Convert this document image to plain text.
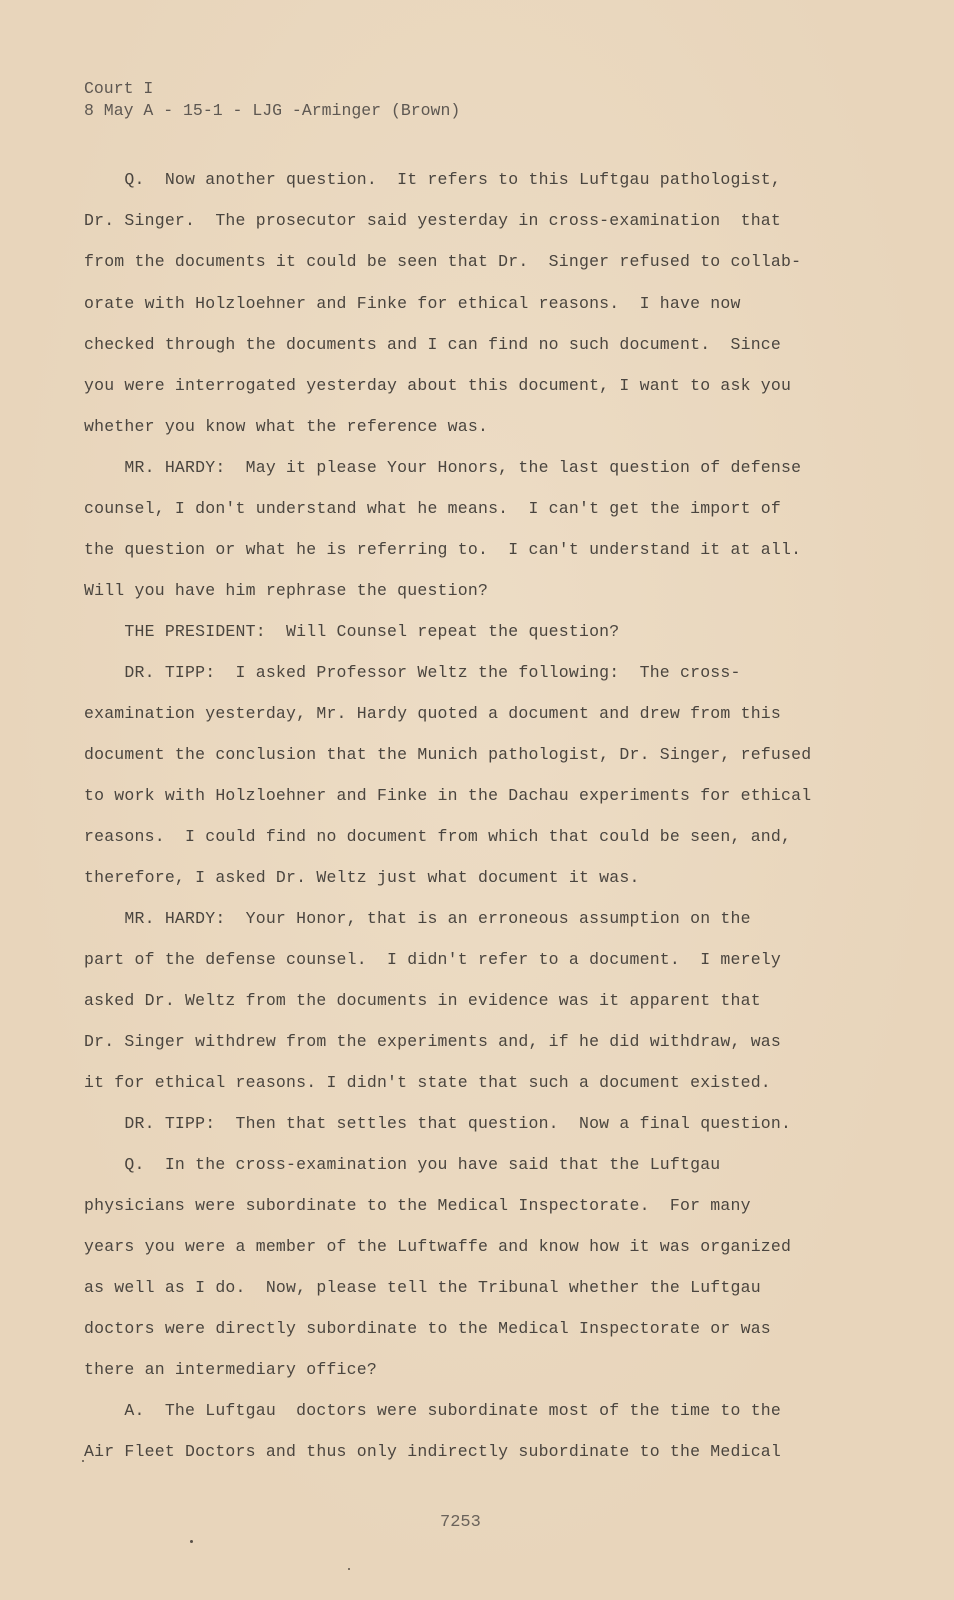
Court I
8 May A - 15-1 - LJG -Arminger (Brown)
Q.  Now another question.  It refers to this Luftgau pathologist,
Dr. Singer.  The prosecutor said yesterday in cross-examination  that
from the documents it could be seen that Dr.  Singer refused to collab-
orate with Holzloehner and Finke for ethical reasons.  I have now
checked through the documents and I can find no such document.  Since
you were interrogated yesterday about this document, I want to ask you
whether you know what the reference was.
MR. HARDY:  May it please Your Honors, the last question of defense
counsel, I don't understand what he means.  I can't get the import of
the question or what he is referring to.  I can't understand it at all.
Will you have him rephrase the question?
THE PRESIDENT:  Will Counsel repeat the question?
DR. TIPP:  I asked Professor Weltz the following:  The cross-
examination yesterday, Mr. Hardy quoted a document and drew from this
document the conclusion that the Munich pathologist, Dr. Singer, refused
to work with Holzloehner and Finke in the Dachau experiments for ethical
reasons.  I could find no document from which that could be seen, and,
therefore, I asked Dr. Weltz just what document it was.
MR. HARDY:  Your Honor, that is an erroneous assumption on the
part of the defense counsel.  I didn't refer to a document.  I merely
asked Dr. Weltz from the documents in evidence was it apparent that
Dr. Singer withdrew from the experiments and, if he did withdraw, was
it for ethical reasons. I didn't state that such a document existed.
DR. TIPP:  Then that settles that question.  Now a final question.
Q.  In the cross-examination you have said that the Luftgau
physicians were subordinate to the Medical Inspectorate.  For many
years you were a member of the Luftwaffe and know how it was organized
as well as I do.  Now, please tell the Tribunal whether the Luftgau
doctors were directly subordinate to the Medical Inspectorate or was
there an intermediary office?
A.  The Luftgau  doctors were subordinate most of the time to the
Air Fleet Doctors and thus only indirectly subordinate to the Medical
7253
